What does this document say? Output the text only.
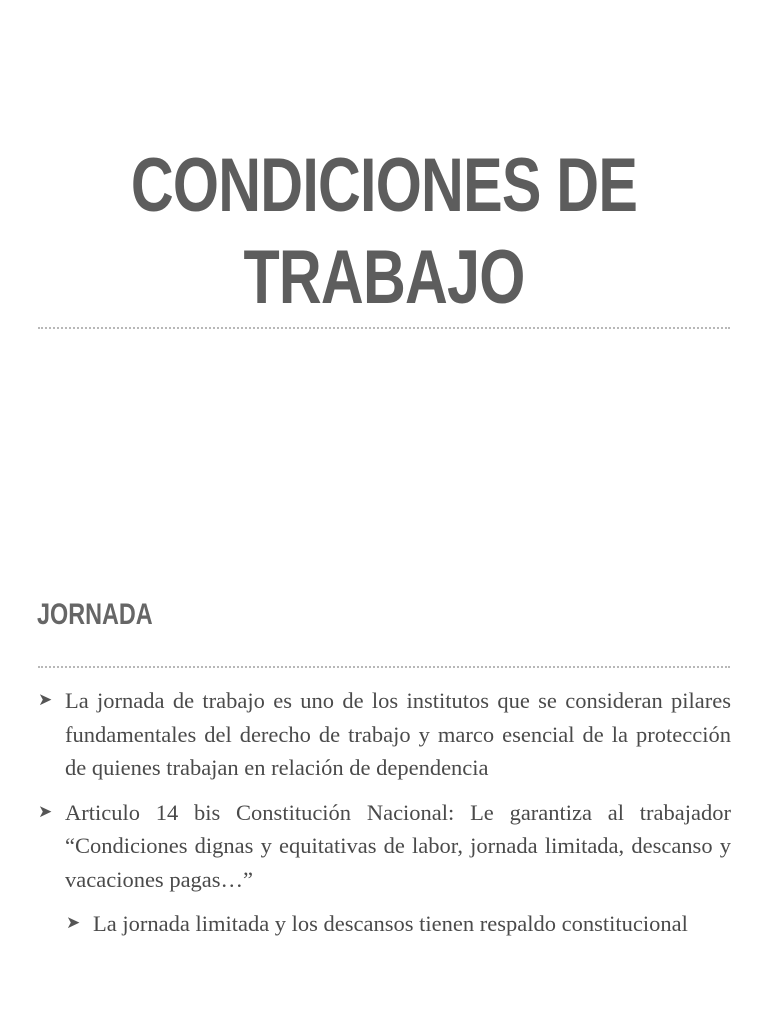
CONDICIONES DE
TRABAJO
JORNADA
➤ La jornada de trabajo es uno de los institutos que se consideran pilares fundamentales del derecho de trabajo y marco esencial de la protección de quienes trabajan en relación de dependencia
➤ Articulo 14 bis Constitución Nacional: Le garantiza al trabajador “Condiciones dignas y equitativas de labor, jornada limitada, descanso y vacaciones pagas…”
➤ La jornada limitada y los descansos tienen respaldo constitucional
